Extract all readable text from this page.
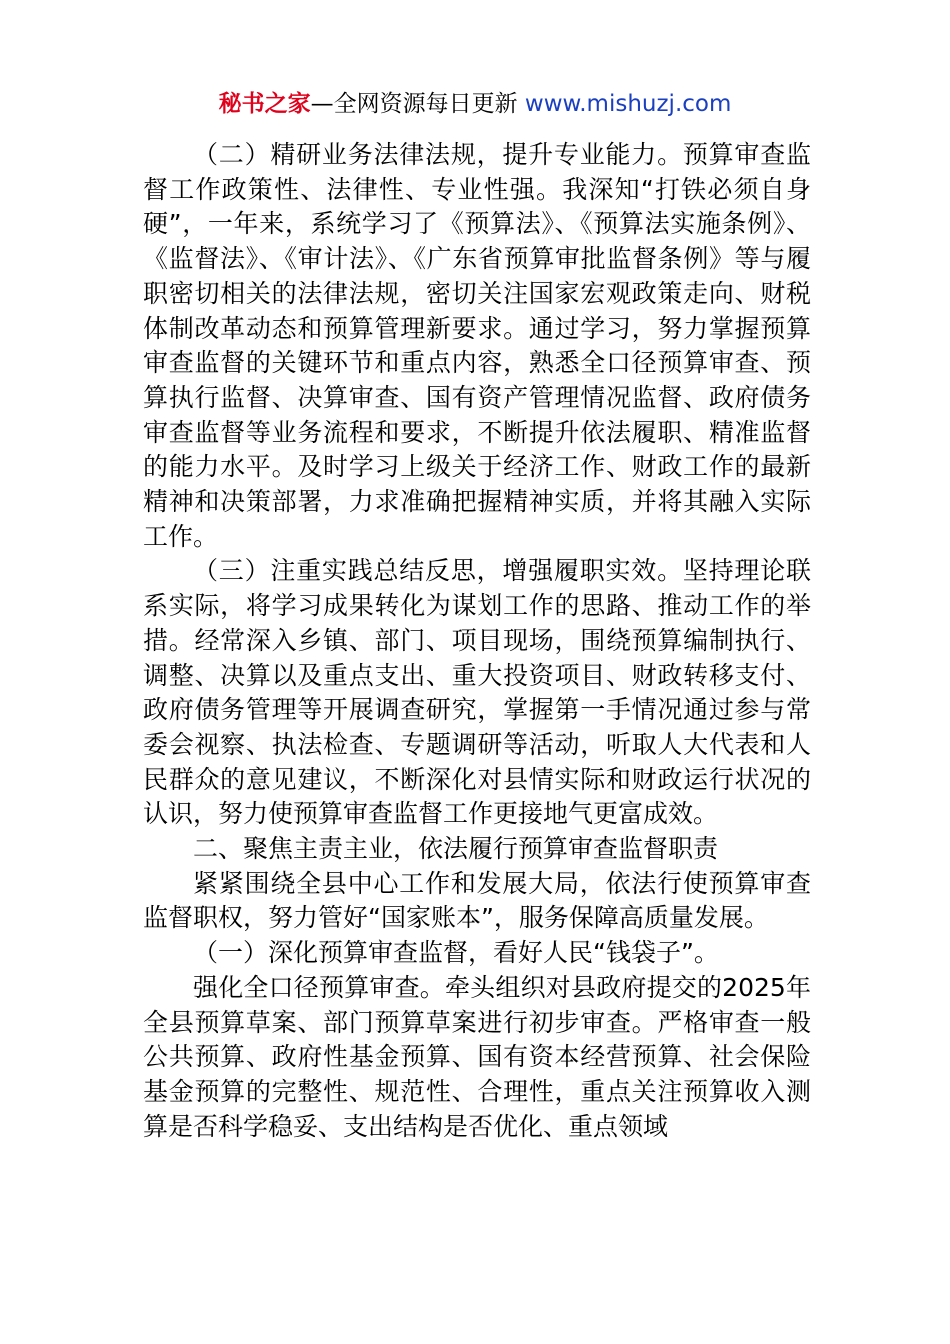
秘书之家—全网资源每日更新 www.mishuzj.com

（二）精研业务法律法规，提升专业能力。预算审查监督工作政策性、法律性、专业性强。我深知“打铁必须自身硬”，一年来，系统学习了《预算法》、《预算法实施条例》、《监督法》、《审计法》、《广东省预算审批监督条例》等与履职密切相关的法律法规，密切关注国家宏观政策走向、财税体制改革动态和预算管理新要求。通过学习，努力掌握预算审查监督的关键环节和重点内容，熟悉全口径预算审查、预算执行监督、决算审查、国有资产管理情况监督、政府债务审查监督等业务流程和要求，不断提升依法履职、精准监督的能力水平。及时学习上级关于经济工作、财政工作的最新精神和决策部署，力求准确把握精神实质，并将其融入实际工作。

（三）注重实践总结反思，增强履职实效。坚持理论联系实际，将学习成果转化为谋划工作的思路、推动工作的举措。经常深入乡镇、部门、项目现场，围绕预算编制执行、调整、决算以及重点支出、重大投资项目、财政转移支付、政府债务管理等开展调查研究，掌握第一手情况通过参与常委会视察、执法检查、专题调研等活动，听取人大代表和人民群众的意见建议，不断深化对县情实际和财政运行状况的认识，努力使预算审查监督工作更接地气更富成效。

二、聚焦主责主业，依法履行预算审查监督职责

紧紧围绕全县中心工作和发展大局，依法行使预算审查监督职权，努力管好“国家账本”，服务保障高质量发展。

（一）深化预算审查监督，看好人民“钱袋子”。

强化全口径预算审查。牵头组织对县政府提交的2025年全县预算草案、部门预算草案进行初步审查。严格审查一般公共预算、政府性基金预算、国有资本经营预算、社会保险基金预算的完整性、规范性、合理性，重点关注预算收入测算是否科学稳妥、支出结构是否优化、重点领域
